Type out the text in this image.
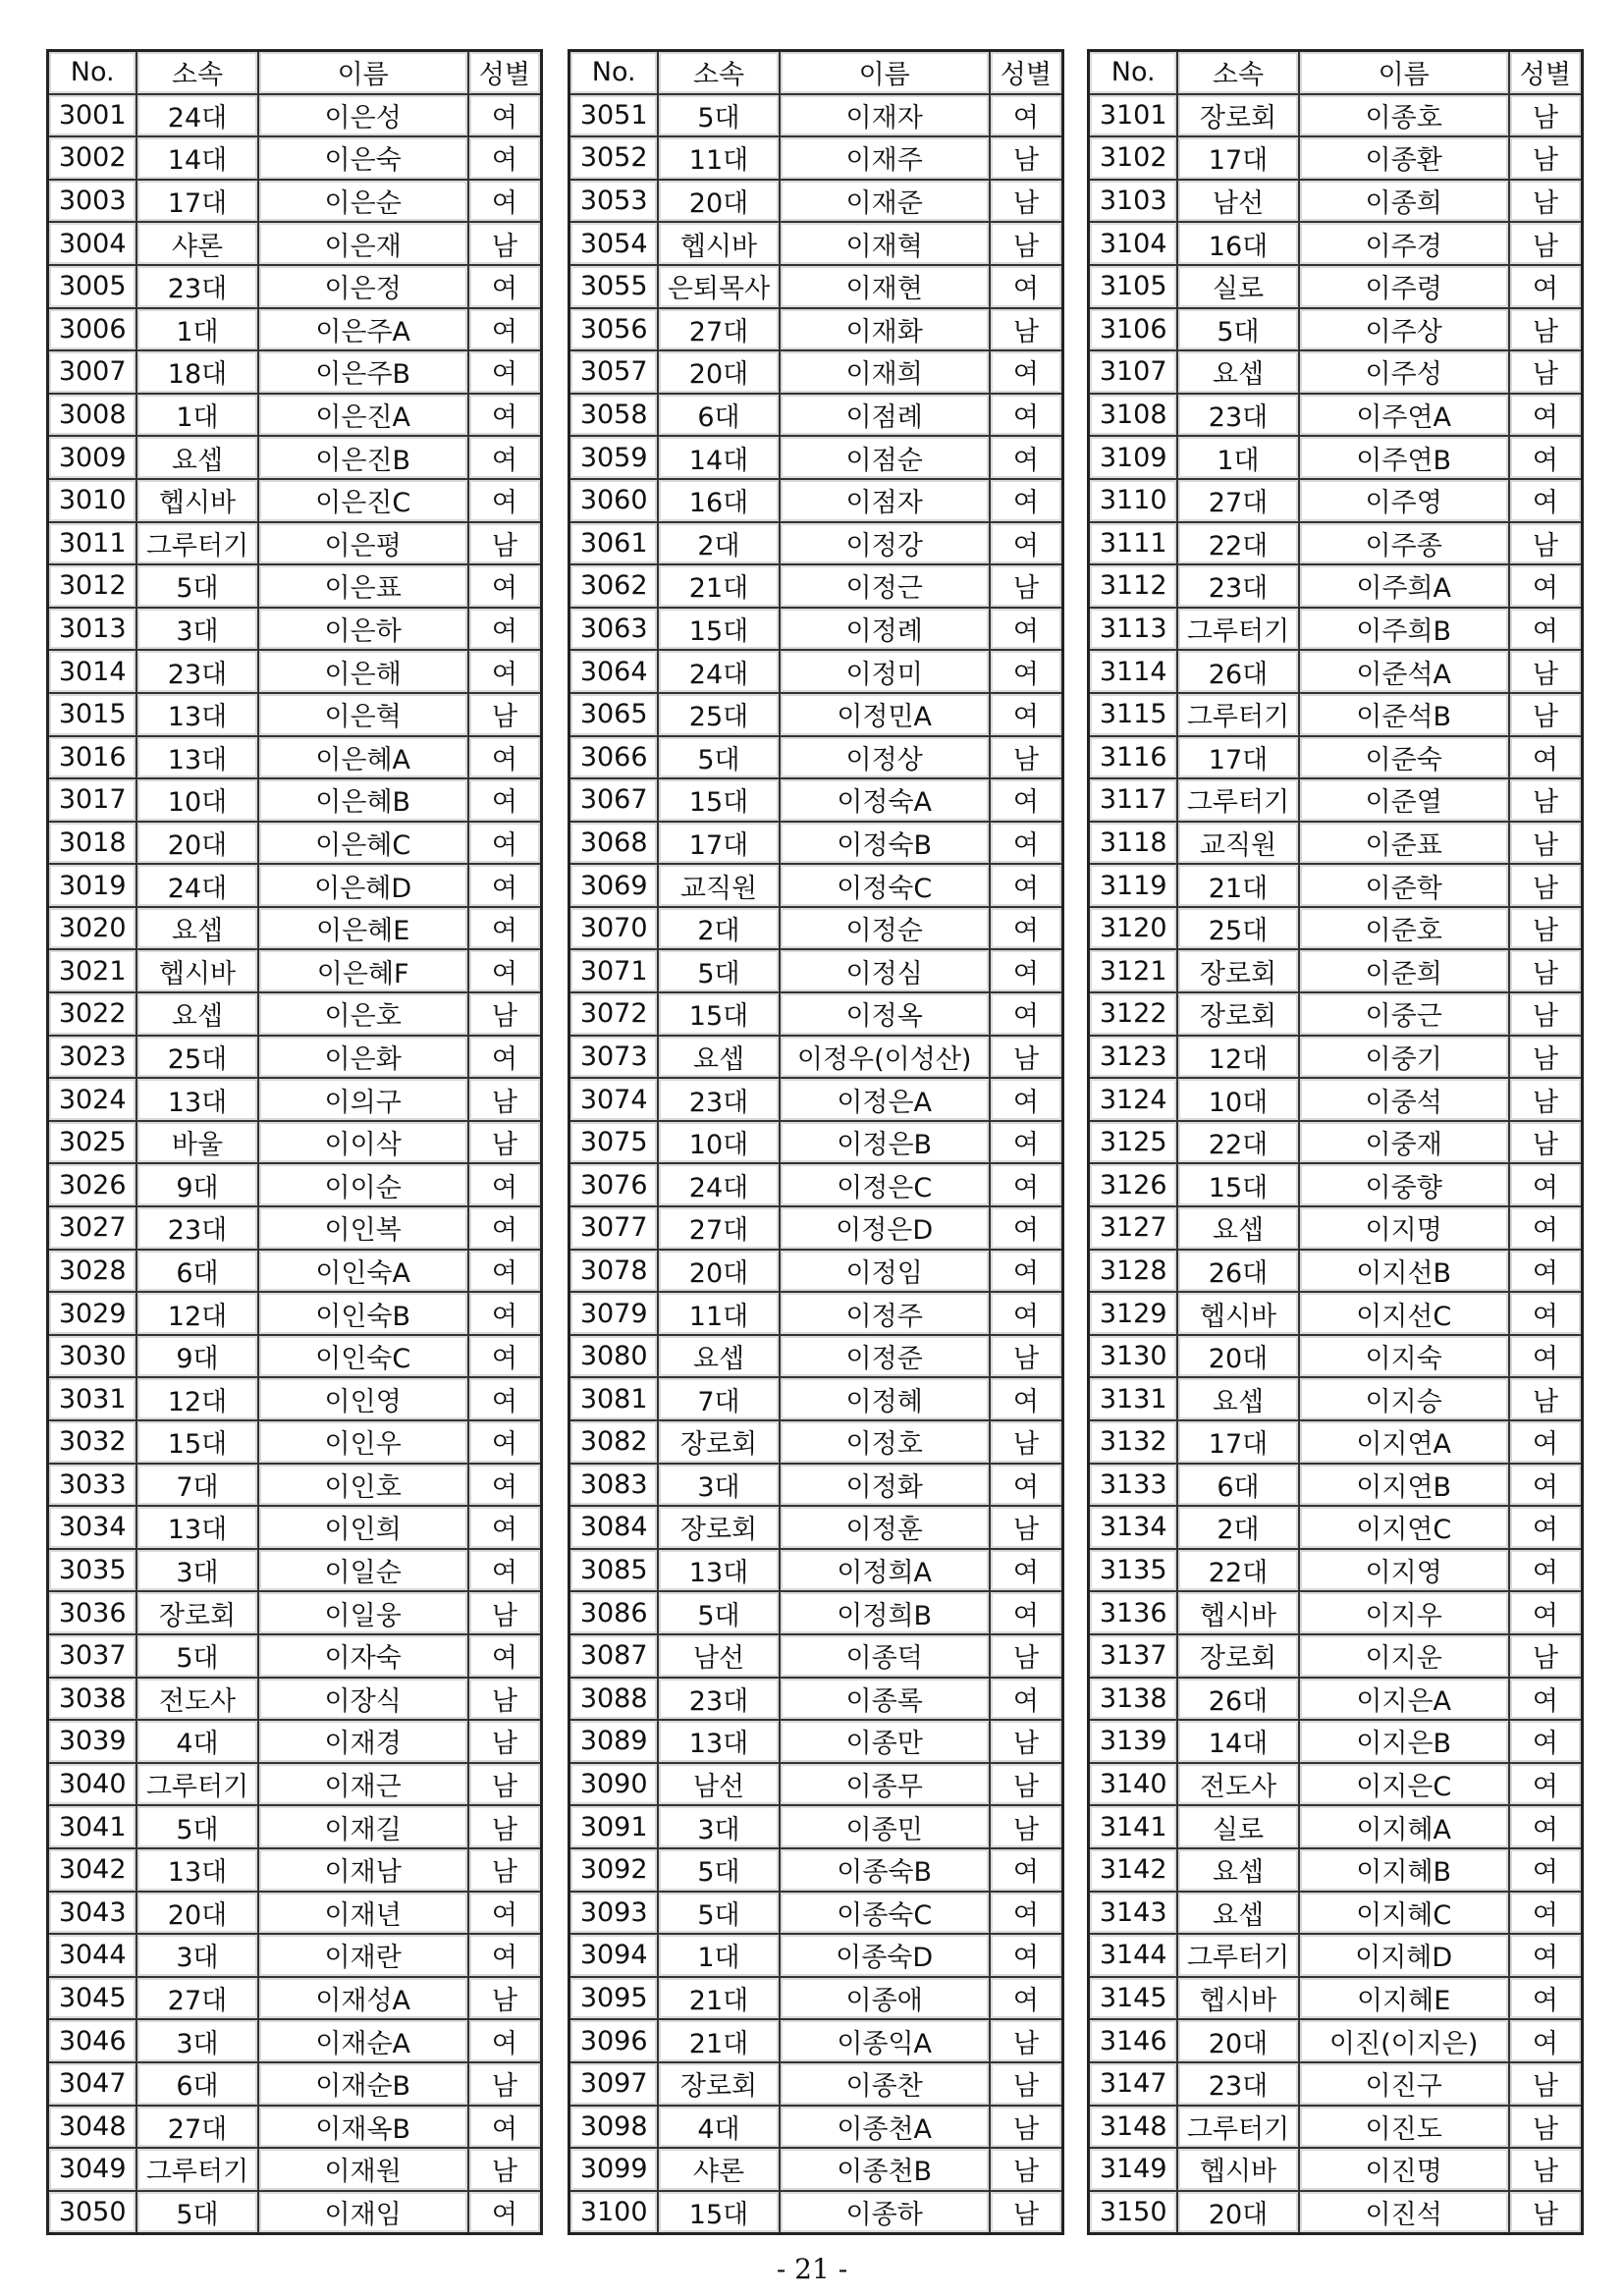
No.	소속	이름	성별
3001	24대	이은성	여
3002	14대	이은숙	여
3003	17대	이은순	여
3004	샤론	이은재	남
3005	23대	이은정	여
3006	1대	이은주A	여
3007	18대	이은주B	여
3008	1대	이은진A	여
3009	요셉	이은진B	여
3010	헵시바	이은진C	여
3011	그루터기	이은평	남
3012	5대	이은표	여
3013	3대	이은하	여
3014	23대	이은해	여
3015	13대	이은혁	남
3016	13대	이은혜A	여
3017	10대	이은혜B	여
3018	20대	이은혜C	여
3019	24대	이은혜D	여
3020	요셉	이은혜E	여
3021	헵시바	이은혜F	여
3022	요셉	이은호	남
3023	25대	이은화	여
3024	13대	이의구	남
3025	바울	이이삭	남
3026	9대	이이순	여
3027	23대	이인복	여
3028	6대	이인숙A	여
3029	12대	이인숙B	여
3030	9대	이인숙C	여
3031	12대	이인영	여
3032	15대	이인우	여
3033	7대	이인호	여
3034	13대	이인희	여
3035	3대	이일순	여
3036	장로회	이일웅	남
3037	5대	이자숙	여
3038	전도사	이장식	남
3039	4대	이재경	남
3040	그루터기	이재근	남
3041	5대	이재길	남
3042	13대	이재남	남
3043	20대	이재년	여
3044	3대	이재란	여
3045	27대	이재성A	남
3046	3대	이재순A	여
3047	6대	이재순B	남
3048	27대	이재옥B	여
3049	그루터기	이재원	남
3050	5대	이재임	여
No.	소속	이름	성별
3051	5대	이재자	여
3052	11대	이재주	남
3053	20대	이재준	남
3054	헵시바	이재혁	남
3055	은퇴목사	이재현	여
3056	27대	이재화	남
3057	20대	이재희	여
3058	6대	이점례	여
3059	14대	이점순	여
3060	16대	이점자	여
3061	2대	이정강	여
3062	21대	이정근	남
3063	15대	이정례	여
3064	24대	이정미	여
3065	25대	이정민A	여
3066	5대	이정상	남
3067	15대	이정숙A	여
3068	17대	이정숙B	여
3069	교직원	이정숙C	여
3070	2대	이정순	여
3071	5대	이정심	여
3072	15대	이정옥	여
3073	요셉	이정우(이성산)	남
3074	23대	이정은A	여
3075	10대	이정은B	여
3076	24대	이정은C	여
3077	27대	이정은D	여
3078	20대	이정임	여
3079	11대	이정주	여
3080	요셉	이정준	남
3081	7대	이정혜	여
3082	장로회	이정호	남
3083	3대	이정화	여
3084	장로회	이정훈	남
3085	13대	이정희A	여
3086	5대	이정희B	여
3087	남선	이종덕	남
3088	23대	이종록	여
3089	13대	이종만	남
3090	남선	이종무	남
3091	3대	이종민	남
3092	5대	이종숙B	여
3093	5대	이종숙C	여
3094	1대	이종숙D	여
3095	21대	이종애	여
3096	21대	이종익A	남
3097	장로회	이종찬	남
3098	4대	이종천A	남
3099	샤론	이종천B	남
3100	15대	이종하	남
No.	소속	이름	성별
3101	장로회	이종호	남
3102	17대	이종환	남
3103	남선	이종희	남
3104	16대	이주경	남
3105	실로	이주령	여
3106	5대	이주상	남
3107	요셉	이주성	남
3108	23대	이주연A	여
3109	1대	이주연B	여
3110	27대	이주영	여
3111	22대	이주종	남
3112	23대	이주희A	여
3113	그루터기	이주희B	여
3114	26대	이준석A	남
3115	그루터기	이준석B	남
3116	17대	이준숙	여
3117	그루터기	이준열	남
3118	교직원	이준표	남
3119	21대	이준학	남
3120	25대	이준호	남
3121	장로회	이준희	남
3122	장로회	이중근	남
3123	12대	이중기	남
3124	10대	이중석	남
3125	22대	이중재	남
3126	15대	이중향	여
3127	요셉	이지명	여
3128	26대	이지선B	여
3129	헵시바	이지선C	여
3130	20대	이지숙	여
3131	요셉	이지승	남
3132	17대	이지연A	여
3133	6대	이지연B	여
3134	2대	이지연C	여
3135	22대	이지영	여
3136	헵시바	이지우	여
3137	장로회	이지운	남
3138	26대	이지은A	여
3139	14대	이지은B	여
3140	전도사	이지은C	여
3141	실로	이지혜A	여
3142	요셉	이지혜B	여
3143	요셉	이지혜C	여
3144	그루터기	이지혜D	여
3145	헵시바	이지혜E	여
3146	20대	이진(이지은)	여
3147	23대	이진구	남
3148	그루터기	이진도	남
3149	헵시바	이진명	남
3150	20대	이진석	남
- 21 -
